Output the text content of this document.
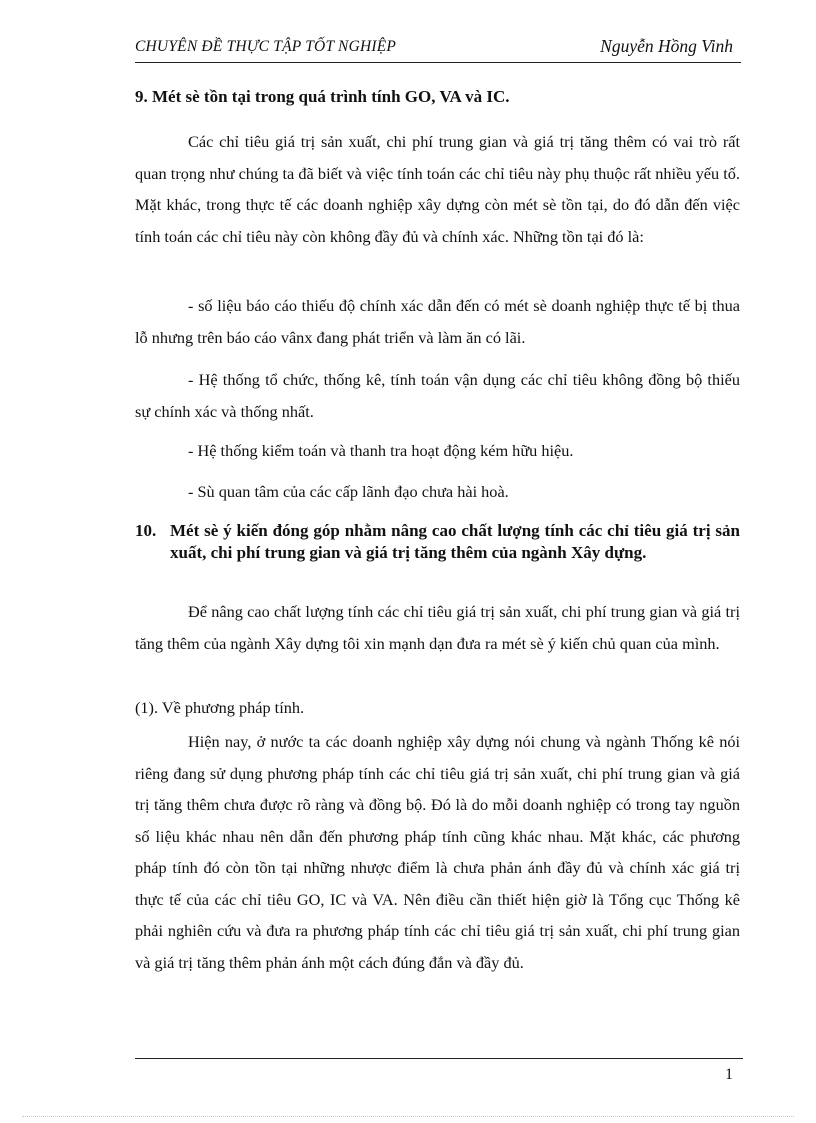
CHUYÊN ĐỀ THỰC TẬP TỐT NGHIỆP	Nguyễn Hồng Vinh
9. Mét sè tồn tại trong quá trình tính GO, VA và IC.
Các chỉ tiêu giá trị sản xuất, chi phí trung gian và giá trị tăng thêm có vai trò rất quan trọng như chúng ta đã biết và việc tính toán các chỉ tiêu này phụ thuộc rất nhiều yếu tố. Mặt khác, trong thực tế các doanh nghiệp xây dựng còn mét sè tồn tại, do đó dẫn đến việc tính toán các chỉ tiêu này còn không đầy đủ và chính xác. Những tồn tại đó là:
- số liệu báo cáo thiếu độ chính xác dẫn đến có mét sè doanh nghiệp thực tế bị thua lỗ nhưng trên báo cáo vânx đang phát triển và làm ăn có lãi.
- Hệ thống tổ chức, thống kê, tính toán vận dụng các chỉ tiêu không đồng bộ thiếu sự chính xác và thống nhất.
- Hệ thống kiểm toán và thanh tra hoạt động kém hữu hiệu.
- Sù quan tâm của các cấp lãnh đạo chưa hài hoà.
10. Mét sè ý kiến đóng góp nhằm nâng cao chất lượng tính các chỉ tiêu giá trị sản xuất, chi phí trung gian và giá trị tăng thêm của ngành Xây dựng.
Để nâng cao chất lượng tính các chỉ tiêu giá trị sản xuất, chi phí trung gian và giá trị tăng thêm của ngành Xây dựng tôi xin mạnh dạn đưa ra mét sè ý kiến chủ quan của mình.
(1). Về phương pháp tính.
Hiện nay, ở nước ta các doanh nghiệp xây dựng nói chung và ngành Thống kê nói riêng đang sử dụng phương pháp tính các chỉ tiêu giá trị sản xuất, chi phí trung gian và giá trị tăng thêm chưa được rõ ràng và đồng bộ. Đó là do mỗi doanh nghiệp có trong tay nguồn số liệu khác nhau nên dẫn đến phương pháp tính cũng khác nhau. Mặt khác, các phương pháp tính đó còn tồn tại những nhược điểm là chưa phản ánh đầy đủ và chính xác giá trị thực tế của các chỉ tiêu GO, IC và VA. Nên điều cần thiết hiện giờ là Tổng cục Thống kê phải nghiên cứu và đưa ra phương pháp tính các chỉ tiêu giá trị sản xuất, chi phí trung gian và giá trị tăng thêm phản ánh một cách đúng đắn và đầy đủ.
1
